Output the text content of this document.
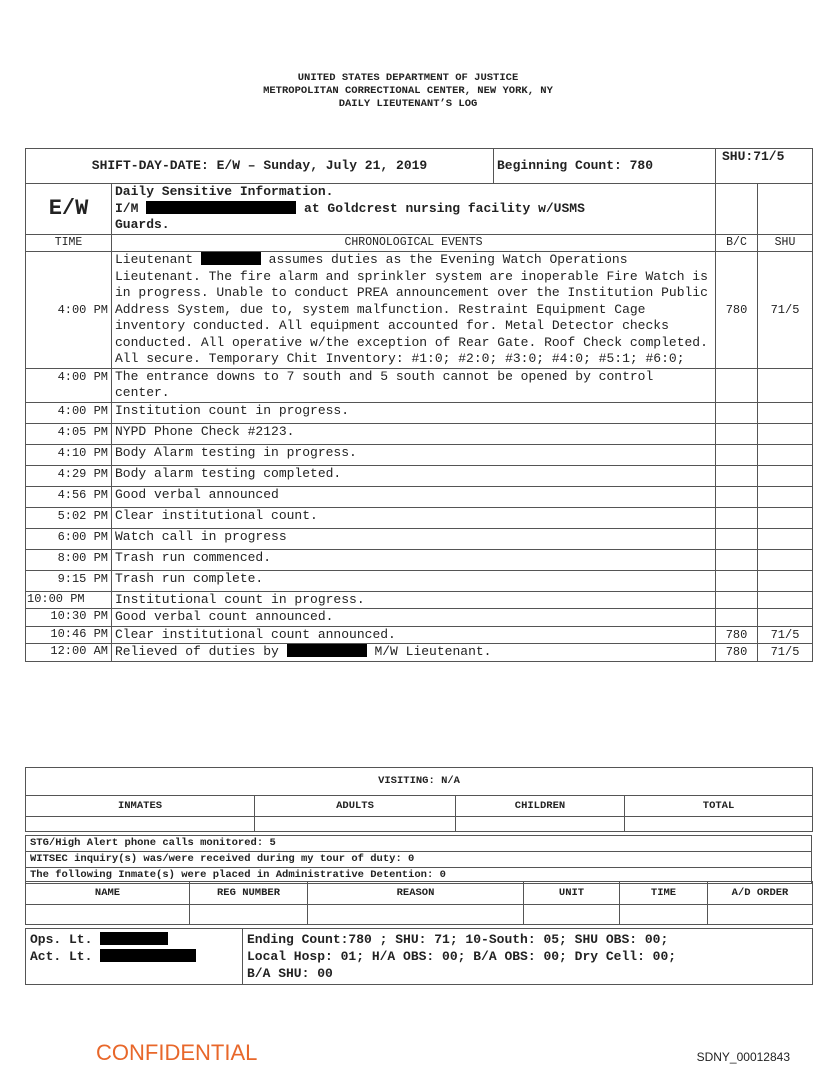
UNITED STATES DEPARTMENT OF JUSTICE
METROPOLITAN CORRECTIONAL CENTER, NEW YORK, NY
DAILY LIEUTENANT’S LOG
SHIFT-DAY-DATE: E/W – Sunday, July 21, 2019		Beginning Count: 780	SHU:71/5	
E/W	Daily Sensitive Information.
I/M at Goldcrest nursing facility w/USMS
Guards.			

TIME	CHRONOLOGICAL EVENTS		B/C	SHU
4:00 PM	Lieutenant assumes duties as the Evening Watch Operations Lieutenant. The fire alarm and sprinkler system are inoperable Fire Watch is in progress. Unable to conduct PREA announcement over the Institution Public Address System, due to, system malfunction. Restraint Equipment Cage inventory conducted. All equipment accounted for. Metal Detector checks conducted. All operative w/the exception of Rear Gate. Roof Check completed. All secure. Temporary Chit Inventory: #1:0; #2:0; #3:0; #4:0; #5:1; #6:0;		780	71/5
4:00 PM	The entrance downs to 7 south and 5 south cannot be opened by control center.			
4:00 PM	Institution count in progress.			
4:05 PM	NYPD Phone Check #2123.			
4:10 PM	Body Alarm testing in progress.			
4:29 PM	Body alarm testing completed.			
4:56 PM	Good verbal announced			
5:02 PM	Clear institutional count.			
6:00 PM	Watch call in progress			
8:00 PM	Trash run commenced.			
9:15 PM	Trash run complete.			
10:00 PM	Institutional count in progress.			
10:30 PM	Good verbal count announced.			
10:46 PM	Clear institutional count announced.		780	71/5
12:00 AM	Relieved of duties by M/W Lieutenant.		780	71/5
VISITING: N/A			
INMATES	ADULTS	CHILDREN	TOTAL

STG/High Alert phone calls monitored: 5
WITSEC inquiry(s) was/were received during my tour of duty: 0
The following Inmate(s) were placed in Administrative Detention: 0
NAME	REG NUMBER	REASON	UNIT	TIME	A/D ORDER

Ops. Lt.
Act. Lt.

Ending Count:780 ; SHU: 71; 10-South: 05; SHU OBS: 00;
Local Hosp: 01; H/A OBS: 00; B/A OBS: 00; Dry Cell: 00;
B/A SHU: 00
CONFIDENTIAL	SDNY_00012843
